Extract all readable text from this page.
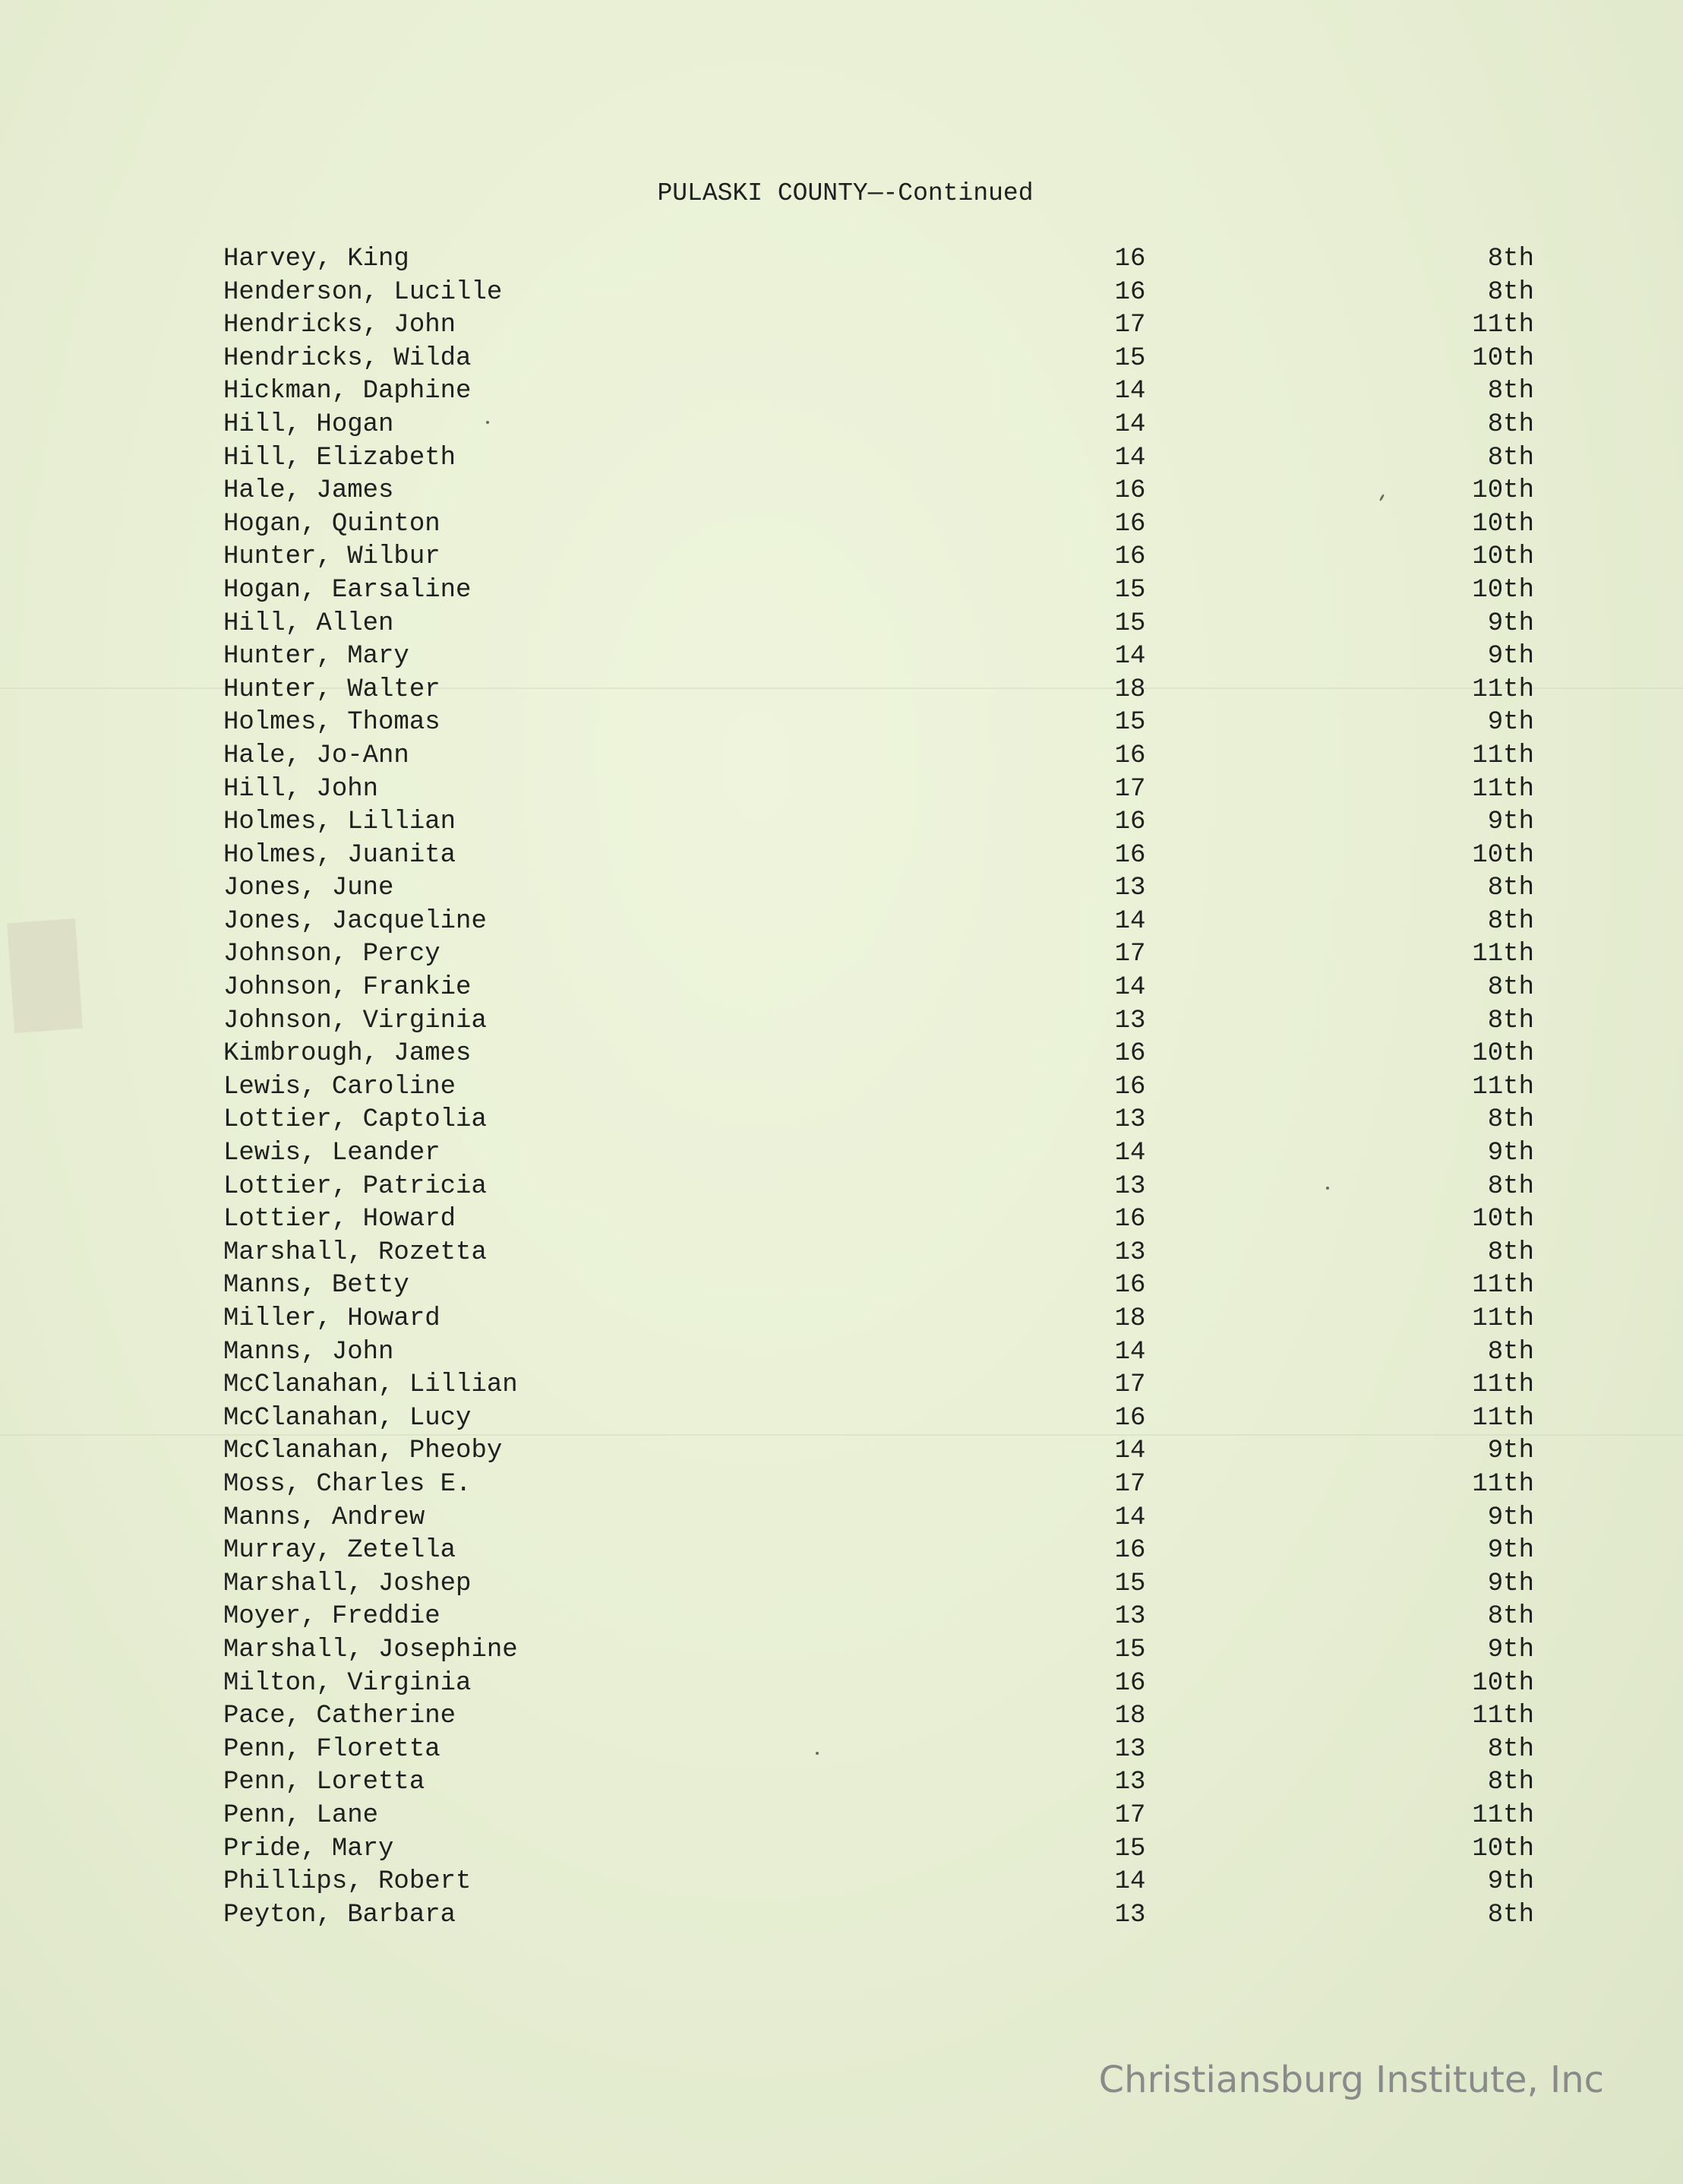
PULASKI COUNTY—-Continued
Harvey, King	16	8th
Henderson, Lucille	16	8th
Hendricks, John	17	11th
Hendricks, Wilda	15	10th
Hickman, Daphine	14	8th
Hill, Hogan	14	8th
Hill, Elizabeth	14	8th
Hale, James	16	10th
Hogan, Quinton	16	10th
Hunter, Wilbur	16	10th
Hogan, Earsaline	15	10th
Hill, Allen	15	9th
Hunter, Mary	14	9th
Hunter, Walter	18	11th
Holmes, Thomas	15	9th
Hale, Jo-Ann	16	11th
Hill, John	17	11th
Holmes, Lillian	16	9th
Holmes, Juanita	16	10th
Jones, June	13	8th
Jones, Jacqueline	14	8th
Johnson, Percy	17	11th
Johnson, Frankie	14	8th
Johnson, Virginia	13	8th
Kimbrough, James	16	10th
Lewis, Caroline	16	11th
Lottier, Captolia	13	8th
Lewis, Leander	14	9th
Lottier, Patricia	13	8th
Lottier, Howard	16	10th
Marshall, Rozetta	13	8th
Manns, Betty	16	11th
Miller, Howard	18	11th
Manns, John	14	8th
McClanahan, Lillian	17	11th
McClanahan, Lucy	16	11th
McClanahan, Pheoby	14	9th
Moss, Charles E.	17	11th
Manns, Andrew	14	9th
Murray, Zetella	16	9th
Marshall, Joshep	15	9th
Moyer, Freddie	13	8th
Marshall, Josephine	15	9th
Milton, Virginia	16	10th
Pace, Catherine	18	11th
Penn, Floretta	13	8th
Penn, Loretta	13	8th
Penn, Lane	17	11th
Pride, Mary	15	10th
Phillips, Robert	14	9th
Peyton, Barbara	13	8th
Christiansburg Institute, Inc
